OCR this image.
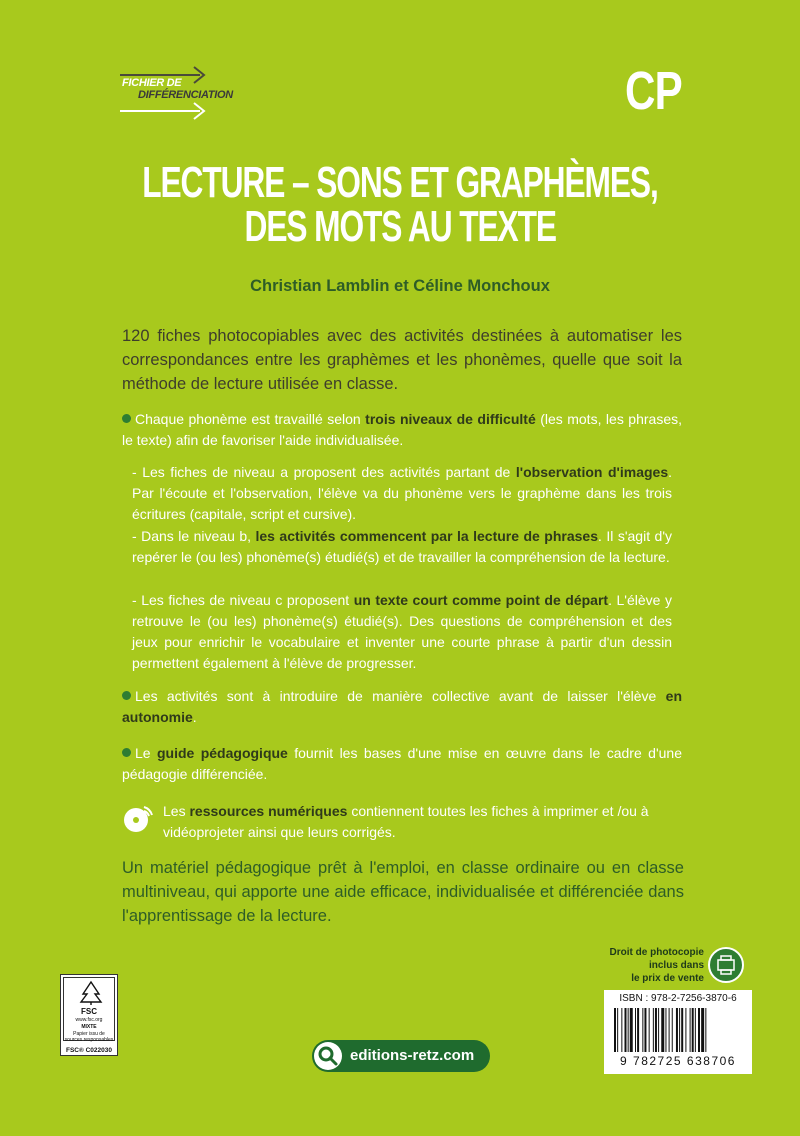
FICHIER DE
DIFFÉRENCIATION	CP
LECTURE – SONS ET GRAPHÈMES,
DES MOTS AU TEXTE
Christian Lamblin et Céline Monchoux
120 fiches photocopiables avec des activités destinées à automatiser les correspondances entre les graphèmes et les phonèmes, quelle que soit la méthode de lecture utilisée en classe.
Chaque phonème est travaillé selon trois niveaux de difficulté (les mots, les phrases, le texte) afin de favoriser l'aide individualisée.
- Les fiches de niveau a proposent des activités partant de l'observation d'images. Par l'écoute et l'observation, l'élève va du phonème vers le graphème dans les trois écritures (capitale, script et cursive).
- Dans le niveau b, les activités commencent par la lecture de phrases. Il s'agit d'y repérer le (ou les) phonème(s) étudié(s) et de travailler la compréhension de la lecture.
- Les fiches de niveau c proposent un texte court comme point de départ. L'élève y retrouve le (ou les) phonème(s) étudié(s). Des questions de compréhension et des jeux pour enrichir le vocabulaire et inventer une courte phrase à partir d'un dessin permettent également à l'élève de progresser.
Les activités sont à introduire de manière collective avant de laisser l'élève en autonomie.
Le guide pédagogique fournit les bases d'une mise en œuvre dans le cadre d'une pédagogie différenciée.
Les ressources numériques contiennent toutes les fiches à imprimer et /ou à vidéoprojeter ainsi que leurs corrigés.
Un matériel pédagogique prêt à l'emploi, en classe ordinaire ou en classe multiniveau, qui apporte une aide efficace, individualisée et différenciée dans l'apprentissage de la lecture.
Droit de photocopie
inclus dans
le prix de vente
FSC
www.fsc.org
MIXTE
Papier issu de sources responsables
FSC® C022030
ISBN : 978-2-7256-3870-6
9 782725 638706
editions-retz.com
